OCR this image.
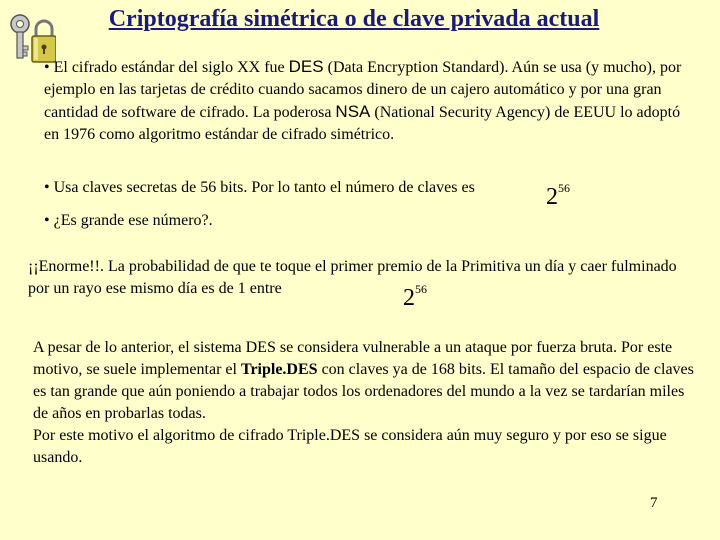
Criptografía simétrica o de clave privada actual

• El cifrado estándar del siglo XX fue DES (Data Encryption Standard). Aún se usa (y mucho), por ejemplo en las tarjetas de crédito cuando sacamos dinero de un cajero automático y por una gran cantidad de software de cifrado. La poderosa NSA (National Security Agency) de EEUU lo adoptó en 1976 como algoritmo estándar de cifrado simétrico.

• Usa claves secretas de 56 bits. Por lo tanto el número de claves es	$2^{56}$

• ¿Es grande ese número?.

¡¡Enorme!!. La probabilidad de que te toque el primer premio de la Primitiva un día y caer fulminado por un rayo ese mismo día es de 1 entre	$2^{56}$
A pesar de lo anterior, el sistema DES se considera vulnerable a un ataque por fuerza bruta. Por este motivo, se suele implementar el Triple.DES con claves ya de 168 bits. El tamaño del espacio de claves es tan grande que aún poniendo a trabajar todos los ordenadores del mundo a la vez se tardarían miles de años en probarlas todas.
Por este motivo el algoritmo de cifrado Triple.DES se considera aún muy seguro y por eso se sigue usando.
7
